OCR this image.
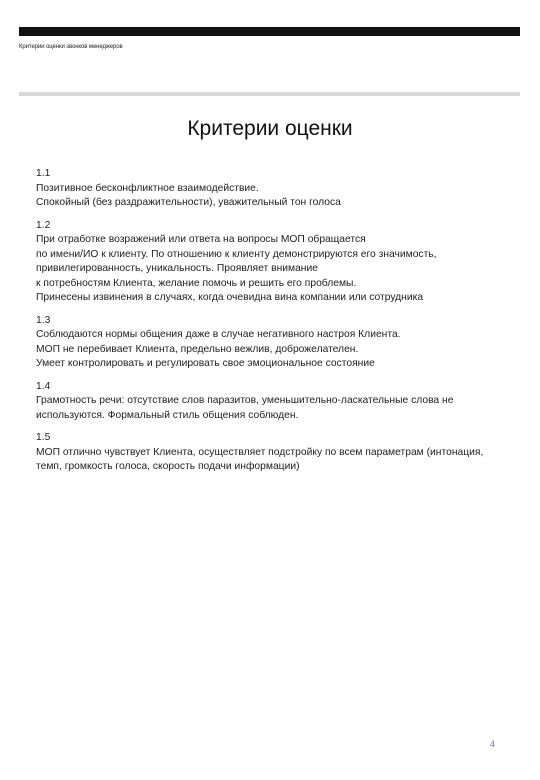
Критерии оценки звонков менеджеров
Критерии оценки
1.1
Позитивное бесконфликтное взаимодействие.
Спокойный (без раздражительности), уважительный тон голоса
1.2
При отработке возражений или ответа на вопросы МОП обращается
по имени/ИО к клиенту. По отношению к клиенту демонстрируются его значимость,
привилегированность, уникальность. Проявляет внимание
к потребностям Клиента, желание помочь и решить его проблемы.
Принесены извинения в случаях, когда очевидна вина компании или сотрудника
1.3
Соблюдаются нормы общения даже в случае негативного настроя Клиента.
МОП не перебивает Клиента, предельно вежлив, доброжелателен.
Умеет контролировать и регулировать свое эмоциональное состояние
1.4
Грамотность речи: отсутствие слов паразитов, уменьшительно-ласкательные слова не
используются. Формальный стиль общения соблюден.
1.5
МОП отлично чувствует Клиента, осуществляет подстройку по всем параметрам (интонация,
темп, громкость голоса, скорость подачи информации)
4
